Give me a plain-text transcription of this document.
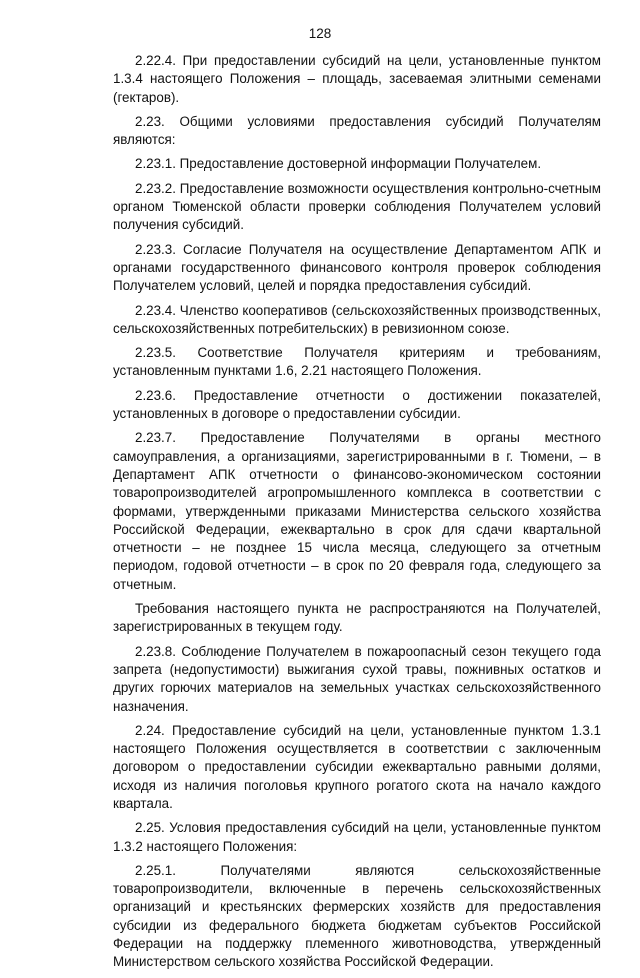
128

2.22.4. При предоставлении субсидий на цели, установленные пунктом 1.3.4 настоящего Положения – площадь, засеваемая элитными семенами (гектаров).

2.23. Общими условиями предоставления субсидий Получателям являются:

2.23.1. Предоставление достоверной информации Получателем.

2.23.2. Предоставление возможности осуществления контрольно-счетным органом Тюменской области проверки соблюдения Получателем условий получения субсидий.

2.23.3. Согласие Получателя на осуществление Департаментом АПК и органами государственного финансового контроля проверок соблюдения Получателем условий, целей и порядка предоставления субсидий.

2.23.4. Членство кооперативов (сельскохозяйственных производственных, сельскохозяйственных потребительских) в ревизионном союзе.

2.23.5. Соответствие Получателя критериям и требованиям, установленным пунктами 1.6, 2.21 настоящего Положения.

2.23.6. Предоставление отчетности о достижении показателей, установленных в договоре о предоставлении субсидии.

2.23.7. Предоставление Получателями в органы местного самоуправления, а организациями, зарегистрированными в г. Тюмени, – в Департамент АПК отчетности о финансово-экономическом состоянии товаропроизводителей агропромышленного комплекса в соответствии с формами, утвержденными приказами Министерства сельского хозяйства Российской Федерации, ежеквартально в срок для сдачи квартальной отчетности – не позднее 15 числа месяца, следующего за отчетным периодом, годовой отчетности – в срок по 20 февраля года, следующего за отчетным.

Требования настоящего пункта не распространяются на Получателей, зарегистрированных в текущем году.

2.23.8. Соблюдение Получателем в пожароопасный сезон текущего года запрета (недопустимости) выжигания сухой травы, пожнивных остатков и других горючих материалов на земельных участках сельскохозяйственного назначения.

2.24. Предоставление субсидий на цели, установленные пунктом 1.3.1 настоящего Положения осуществляется в соответствии с заключенным договором о предоставлении субсидии ежеквартально равными долями, исходя из наличия поголовья крупного рогатого скота на начало каждого квартала.

2.25. Условия предоставления субсидий на цели, установленные пунктом 1.3.2 настоящего Положения:

2.25.1. Получателями являются сельскохозяйственные товаропроизводители, включенные в перечень сельскохозяйственных организаций и крестьянских фермерских хозяйств для предоставления субсидии из федерального бюджета бюджетам субъектов Российской Федерации на поддержку племенного животноводства, утвержденный Министерством сельского хозяйства Российской Федерации.
